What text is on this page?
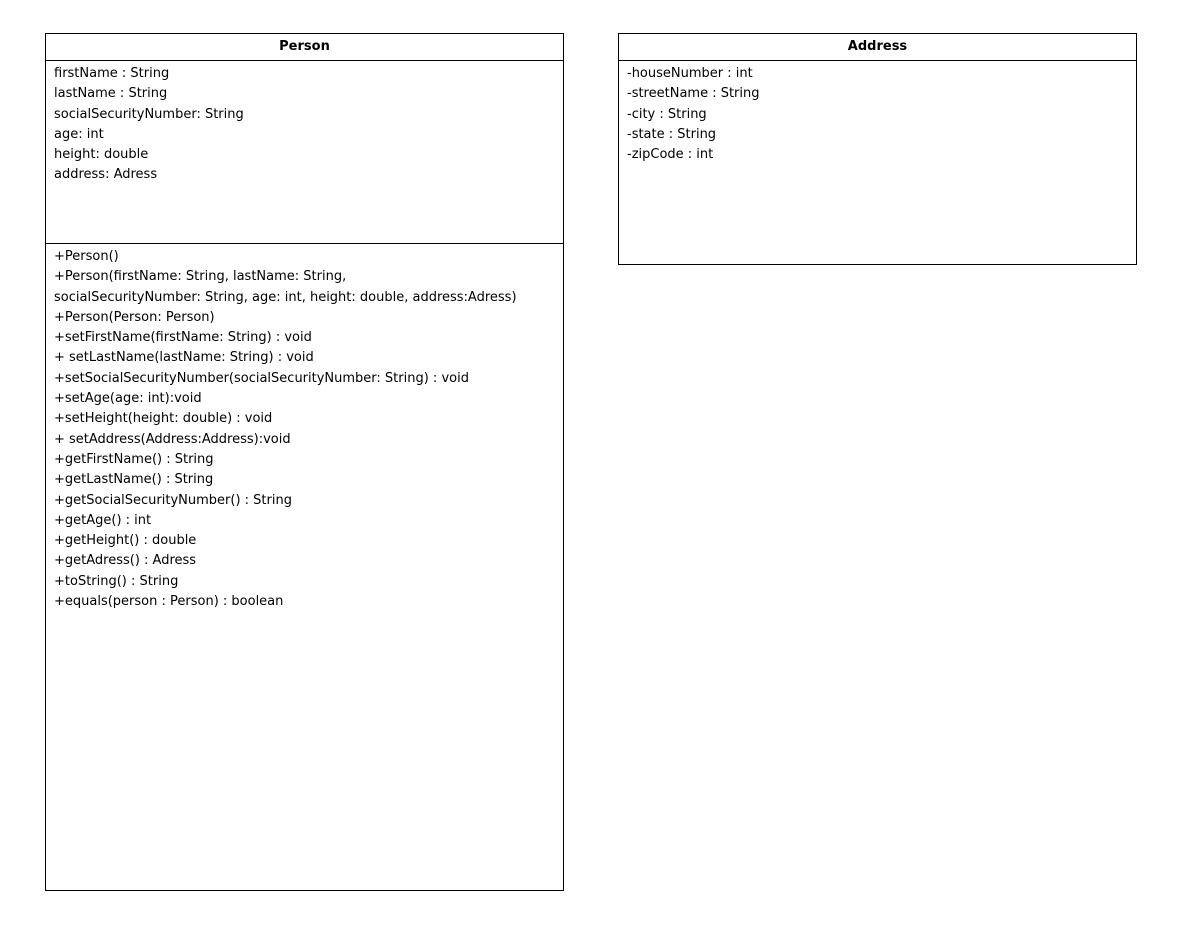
Person
firstName : String
lastName : String
socialSecurityNumber: String
age: int
height: double
address: Adress
+Person()
+Person(firstName: String, lastName: String,
socialSecurityNumber: String, age: int, height: double, address:Adress)
+Person(Person: Person)
+setFirstName(firstName: String) : void
+ setLastName(lastName: String) : void
+setSocialSecurityNumber(socialSecurityNumber: String) : void
+setAge(age: int):void
+setHeight(height: double) : void
+ setAddress(Address:Address):void
+getFirstName() : String
+getLastName() : String
+getSocialSecurityNumber() : String
+getAge() : int
+getHeight() : double
+getAdress() : Adress
+toString() : String
+equals(person : Person) : boolean
Address
-houseNumber : int
-streetName : String
-city : String
-state : String
-zipCode : int
